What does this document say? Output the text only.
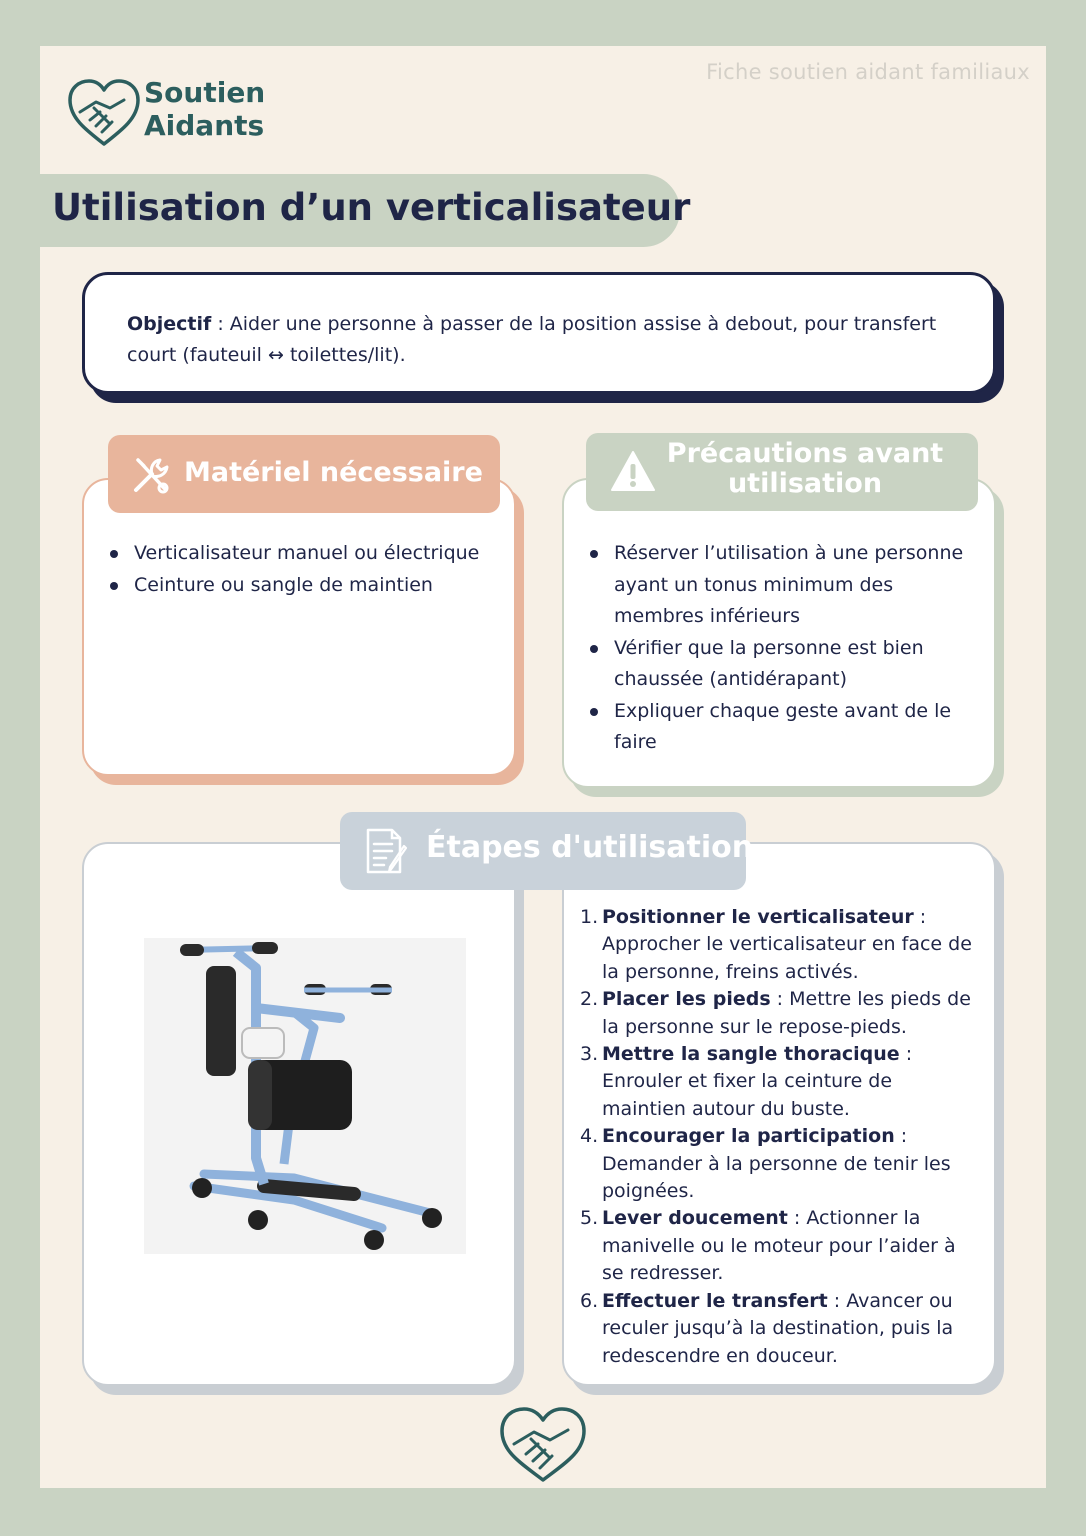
Fiche soutien aidant familiaux
Soutien
Aidants
Utilisation d’un verticalisateur

Objectif : Aider une personne à passer de la position assise à debout, pour transfert court (fauteuil ↔ toilettes/lit).

Verticalisateur manuel ou électrique
Ceinture ou sangle de maintien
Matériel nécessaire
Réserver l’utilisation à une personne ayant un tonus minimum des membres inférieurs
Vérifier que la personne est bien chaussée (antidérapant)
Expliquer chaque geste avant de le faire
Précautions avant utilisation
1. Positionner le verticalisateur : Approcher le verticalisateur en face de la personne, freins activés.
2. Placer les pieds : Mettre les pieds de la personne sur le repose-pieds.
3. Mettre la sangle thoracique : Enrouler et fixer la ceinture de maintien autour du buste.
4. Encourager la participation : Demander à la personne de tenir les poignées.
5. Lever doucement : Actionner la manivelle ou le moteur pour l’aider à se redresser.
6. Effectuer le transfert : Avancer ou reculer jusqu’à la destination, puis la redescendre en douceur.
Étapes d'utilisation
